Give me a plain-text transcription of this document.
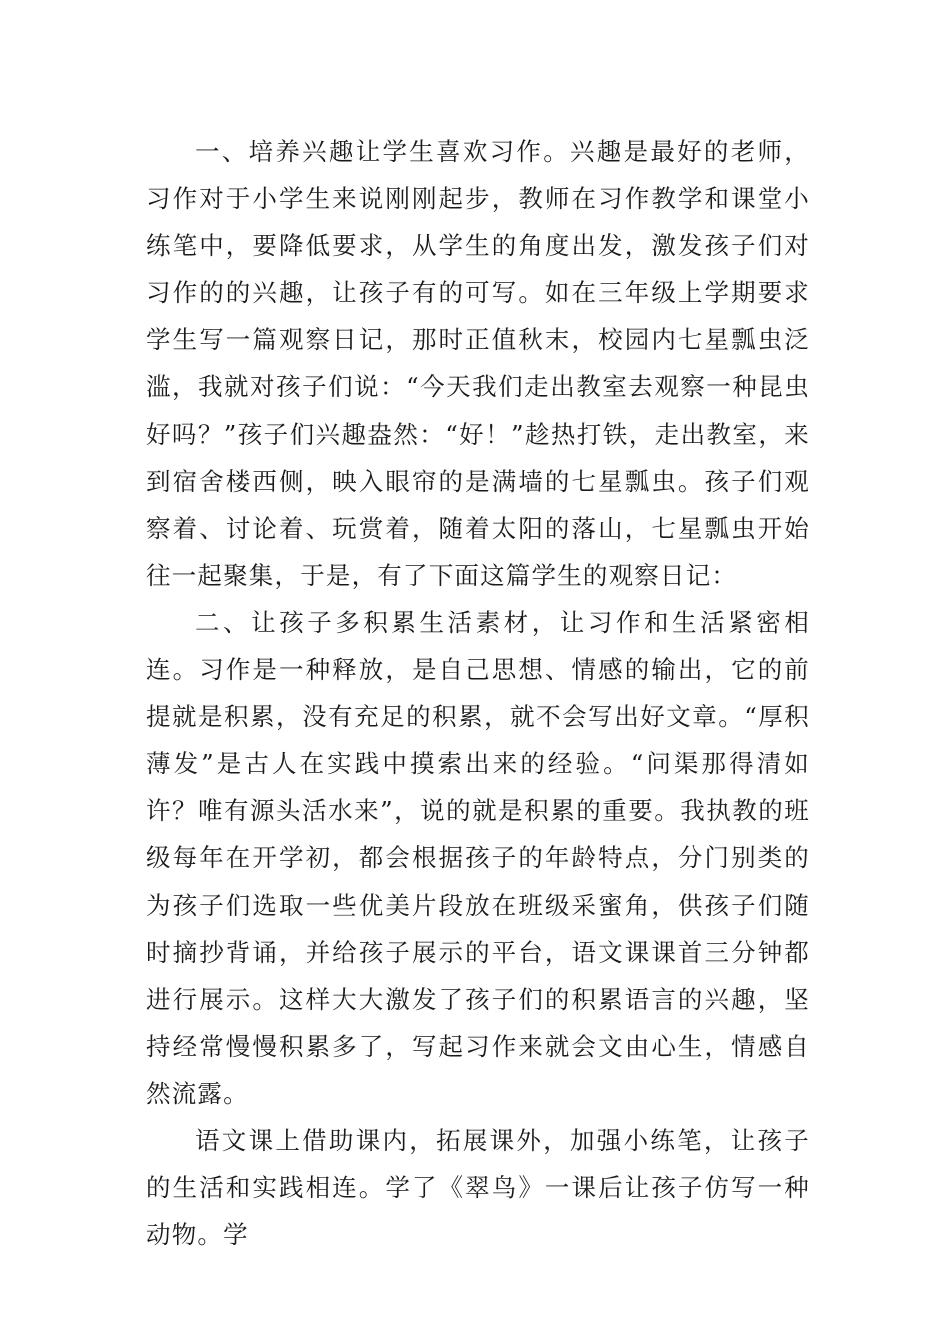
一、培养兴趣让学生喜欢习作。兴趣是最好的老师，习作对于小学生来说刚刚起步，教师在习作教学和课堂小练笔中，要降低要求，从学生的角度出发，激发孩子们对习作的的兴趣，让孩子有的可写。如在三年级上学期要求学生写一篇观察日记，那时正值秋末，校园内七星瓢虫泛滥，我就对孩子们说：“今天我们走出教室去观察一种昆虫好吗？”孩子们兴趣盎然：“好！”趁热打铁，走出教室，来到宿舍楼西侧，映入眼帘的是满墙的七星瓢虫。孩子们观察着、讨论着、玩赏着，随着太阳的落山，七星瓢虫开始往一起聚集，于是，有了下面这篇学生的观察日记：

二、让孩子多积累生活素材，让习作和生活紧密相连。习作是一种释放，是自己思想、情感的输出，它的前提就是积累，没有充足的积累，就不会写出好文章。“厚积薄发”是古人在实践中摸索出来的经验。“问渠那得清如许？唯有源头活水来”，说的就是积累的重要。我执教的班级每年在开学初，都会根据孩子的年龄特点，分门别类的为孩子们选取一些优美片段放在班级采蜜角，供孩子们随时摘抄背诵，并给孩子展示的平台，语文课课首三分钟都进行展示。这样大大激发了孩子们的积累语言的兴趣，坚持经常慢慢积累多了，写起习作来就会文由心生，情感自然流露。

语文课上借助课内，拓展课外，加强小练笔，让孩子的生活和实践相连。学了《翠鸟》一课后让孩子仿写一种动物。学
